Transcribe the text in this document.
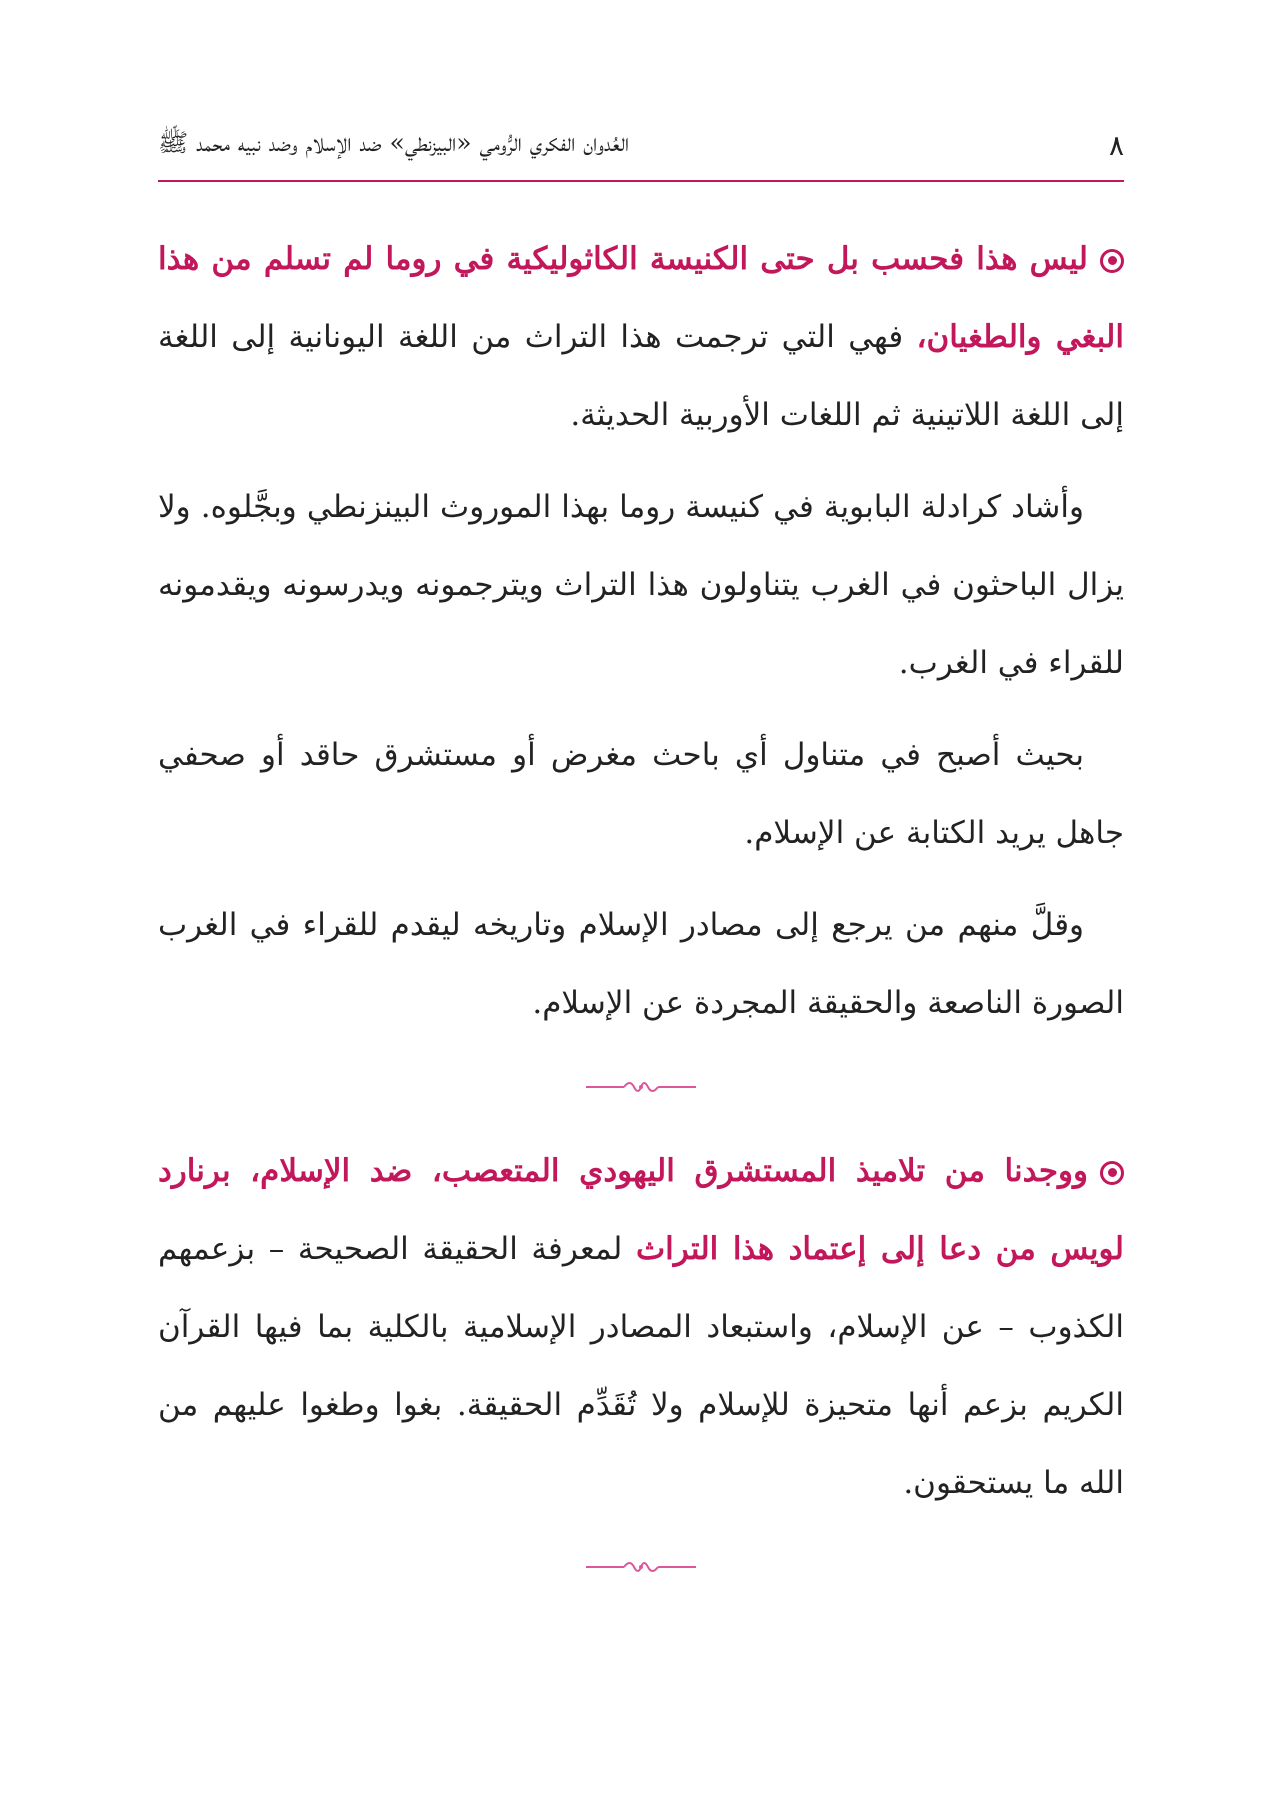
٨
العُدوان الفكري الرُّومي «البيزنطي» ضد الإسلام وضد نبيه محمد ﷺ

ليس هذا فحسب بل حتى الكنيسة الكاثوليكية في روما لم تسلم من هذا البغي والطغيان، فهي التي ترجمت هذا التراث من اللغة اليونانية إلى اللغة إلى اللغة اللاتينية ثم اللغات الأوربية الحديثة.

وأشاد كرادلة البابوية في كنيسة روما بهذا الموروث البينزنطي وبجَّلوه. ولا يزال الباحثون في الغرب يتناولون هذا التراث ويترجمونه ويدرسونه ويقدمونه للقراء في الغرب.

بحيث أصبح في متناول أي باحث مغرض أو مستشرق حاقد أو صحفي جاهل يريد الكتابة عن الإسلام.

وقلَّ منهم من يرجع إلى مصادر الإسلام وتاريخه ليقدم للقراء في الغرب الصورة الناصعة والحقيقة المجردة عن الإسلام.

ووجدنا من تلاميذ المستشرق اليهودي المتعصب، ضد الإسلام، برنارد لويس من دعا إلى إعتماد هذا التراث لمعرفة الحقيقة الصحيحة – بزعمهم الكذوب – عن الإسلام، واستبعاد المصادر الإسلامية بالكلية بما فيها القرآن الكريم بزعم أنها متحيزة للإسلام ولا تُقَدِّم الحقيقة. بغوا وطغوا عليهم من الله ما يستحقون.
